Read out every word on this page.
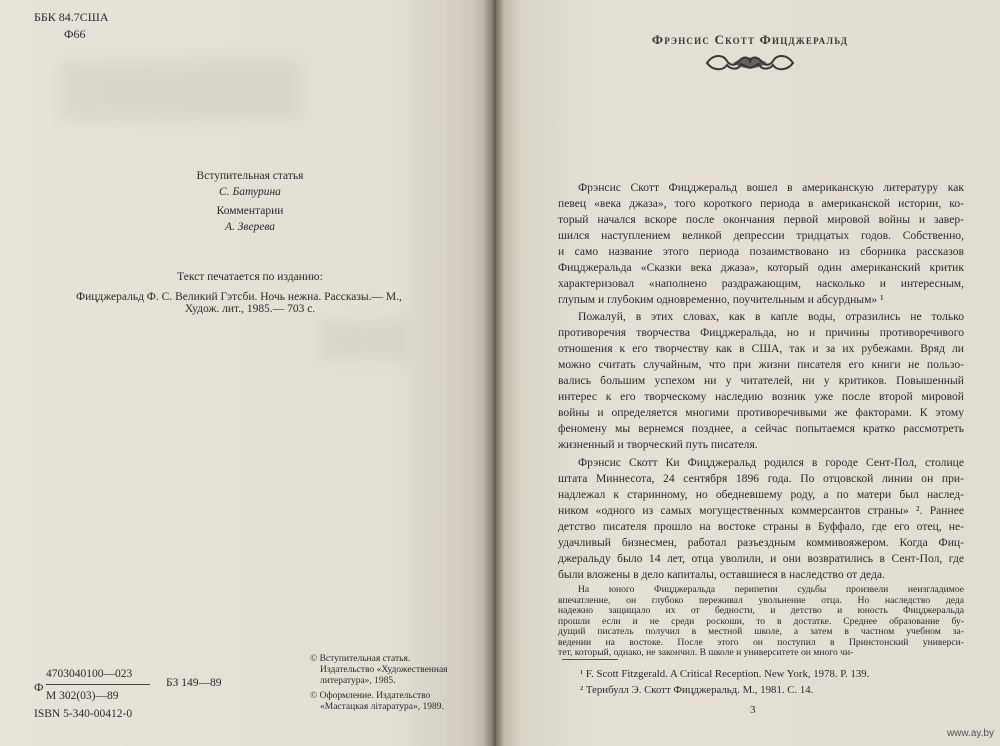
ББК 84.7США
Ф66
Вступительная статья
С. Батурина
Комментарии
А. Зверева
Текст печатается по изданию:
Фицджеральд Ф. С. Великий Гэтсби. Ночь нежна. Рассказы.— М.,
Худож. лит., 1985.— 703 с.
Ф
4703040100—023
М 302(03)—89
БЗ 149—89
ISBN 5-340-00412-0

© Вступительная статья.

Издательство «Художественная литература», 1985.

© Оформление. Издательство

«Мастацкая літаратура», 1989.

Фрэнсис Скотт Фицджеральд
Фрэнсис Скотт Фицджеральд вошел в американскую литературу как
певец «века джаза», того короткого периода в американской истории, ко-
торый начался вскоре после окончания первой мировой войны и завер-
шился наступлением великой депрессии тридцатых годов. Собственно,
и само название этого периода позаимствовано из сборника рассказов
Фицджеральда «Сказки века джаза», который один американский критик
характеризовал «наполнено раздражающим, насколько и интересным,
глупым и глубоким одновременно, поучительным и абсурдным» ¹
Пожалуй, в этих словах, как в капле воды, отразились не только
противоречия творчества Фицджеральда, но и причины противоречивого
отношения к его творчеству как в США, так и за их рубежами. Вряд ли
можно считать случайным, что при жизни писателя его книги не пользо-
вались большим успехом ни у читателей, ни у критиков. Повышенный
интерес к его творческому наследию возник уже после второй мировой
войны и определяется многими противоречивыми же факторами. К этому
феномену мы вернемся позднее, а сейчас попытаемся кратко рассмотреть
жизненный и творческий путь писателя.
Фрэнсис Скотт Ки Фицджеральд родился в городе Сент-Пол, столице
штата Миннесота, 24 сентября 1896 года. По отцовской линии он при-
надлежал к старинному, но обедневшему роду, а по матери был наслед-
ником «одного из самых могущественных коммерсантов страны» ². Раннее
детство писателя прошло на востоке страны в Буффало, где его отец, не-
удачливый бизнесмен, работал разъездным коммивояжером. Когда Фиц-
джеральду было 14 лет, отца уволили, и они возвратились в Сент-Пол, где
были вложены в дело капиталы, оставшиеся в наследство от деда.
На юного Фицджеральда перипетии судьбы произвели неизгладимое
впечатление, он глубоко переживал увольнение отца. Но наследство деда
надежно защищало их от бедности, и детство и юность Фицджеральда
прошли если и не среди роскоши, то в достатке. Среднее образование бу-
дущий писатель получил в местной школе, а затем в частном учебном за-
¹ F. Scott Fitzgerald. A Critical Reception. New York, 1978. P. 139.
² Тернбулл Э. Скотт Фицджеральд. М., 1981. С. 14.
3
www.ay.by
ведении на востоке. После этого он поступил в Принстонский универси-
тет, который, однако, не закончил. В школе и университете он много чи-
